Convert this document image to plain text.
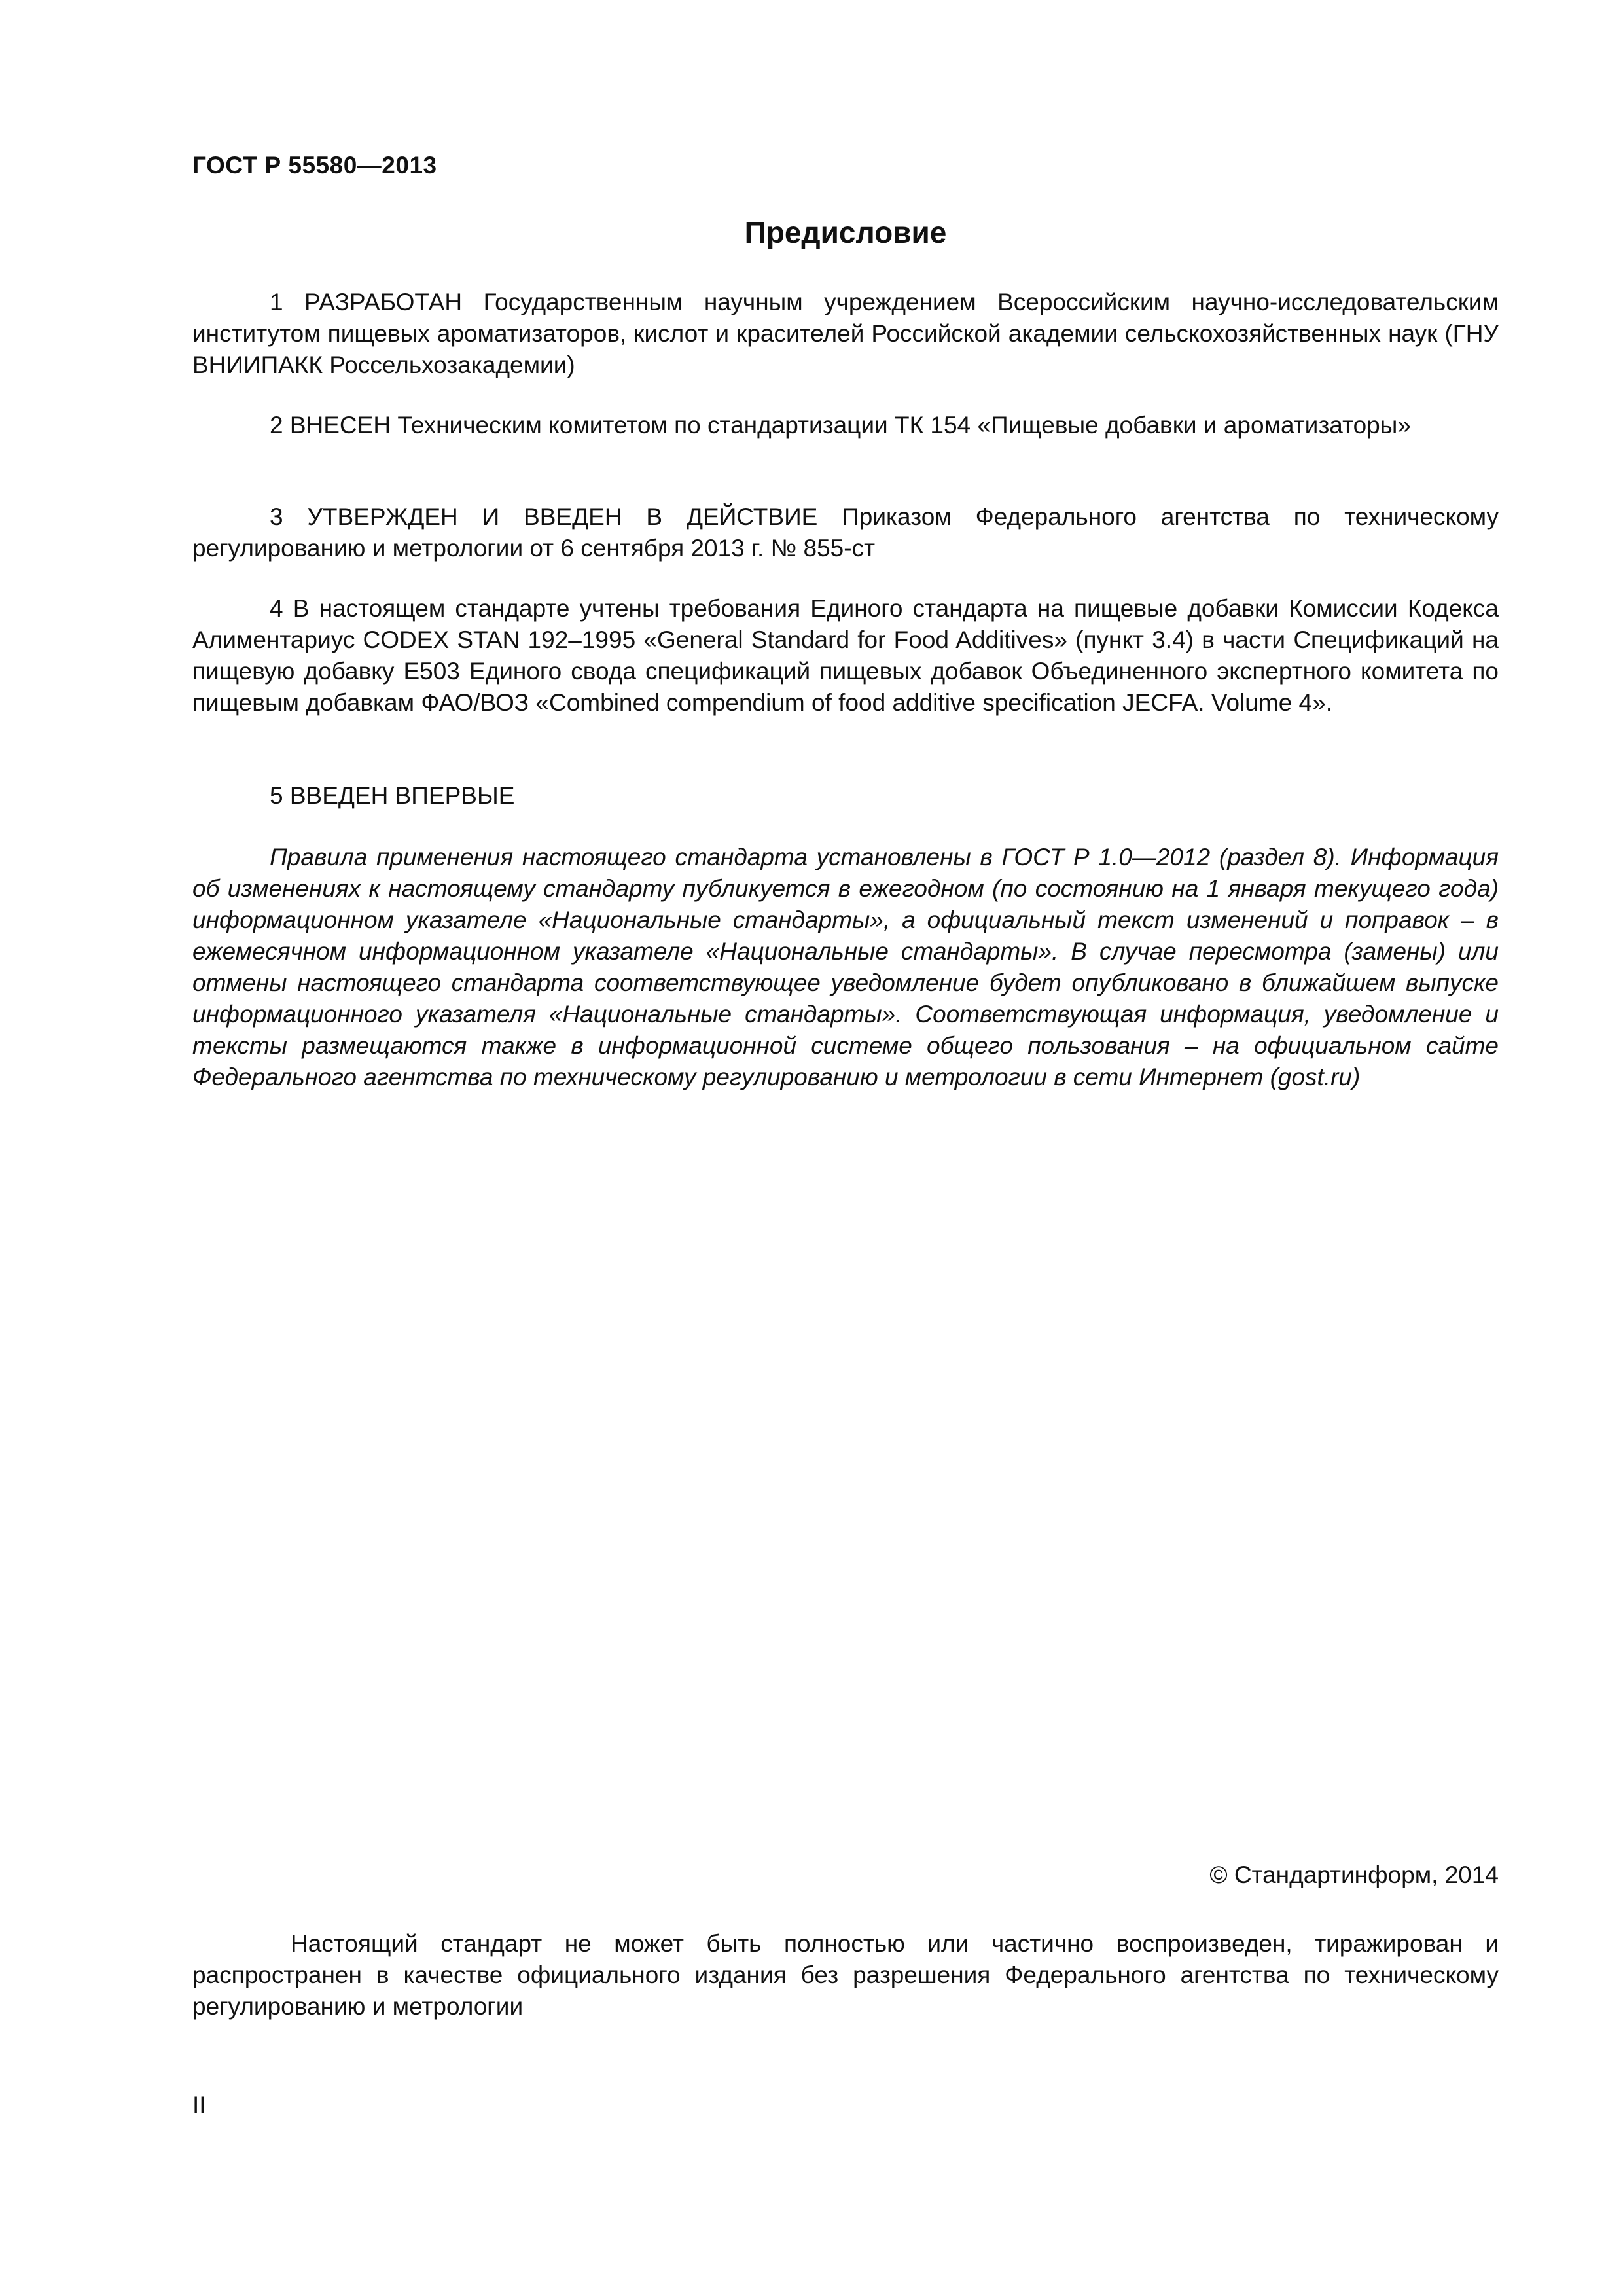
ГОСТ Р 55580—2013
Предисловие

1 РАЗРАБОТАН Государственным научным учреждением Всероссийским научно-исследовательским институтом пищевых ароматизаторов, кислот и красителей Российской академии сельскохозяйственных наук (ГНУ ВНИИПАКК Россельхозакадемии)

2 ВНЕСЕН Техническим комитетом по стандартизации ТК 154 «Пищевые добавки и ароматизаторы»

3 УТВЕРЖДЕН И ВВЕДЕН В ДЕЙСТВИЕ Приказом Федерального агентства по техническому регулированию и метрологии от 6 сентября 2013 г. № 855-ст

4 В настоящем стандарте учтены требования Единого стандарта на пищевые добавки Комиссии Кодекса Алиментариус CODEX STAN 192–1995 «General Standard for Food Additives» (пункт 3.4) в части Спецификаций на пищевую добавку Е503 Единого свода спецификаций пищевых добавок Объединенного экспертного комитета по пищевым добавкам ФАО/ВОЗ «Combined compendium of food additive specification JECFA. Volume 4».

5 ВВЕДЕН ВПЕРВЫЕ

Правила применения настоящего стандарта установлены в ГОСТ Р 1.0—2012 (раздел 8). Информация об изменениях к настоящему стандарту публикуется в ежегодном (по состоянию на 1 января текущего года) информационном указателе «Национальные стандарты», а официальный текст изменений и поправок – в ежемесячном информационном указателе «Национальные стандарты». В случае пересмотра (замены) или отмены настоящего стандарта соответствующее уведомление будет опубликовано в ближайшем выпуске информационного указателя «Национальные стандарты». Соответствующая информация, уведомление и тексты размещаются также в информационной системе общего пользования – на официальном сайте Федерального агентства по техническому регулированию и метрологии в сети Интернет (gost.ru)

© Стандартинформ, 2014

Настоящий стандарт не может быть полностью или частично воспроизведен, тиражирован и распространен в качестве официального издания без разрешения Федерального агентства по техническому регулированию и метрологии

II
